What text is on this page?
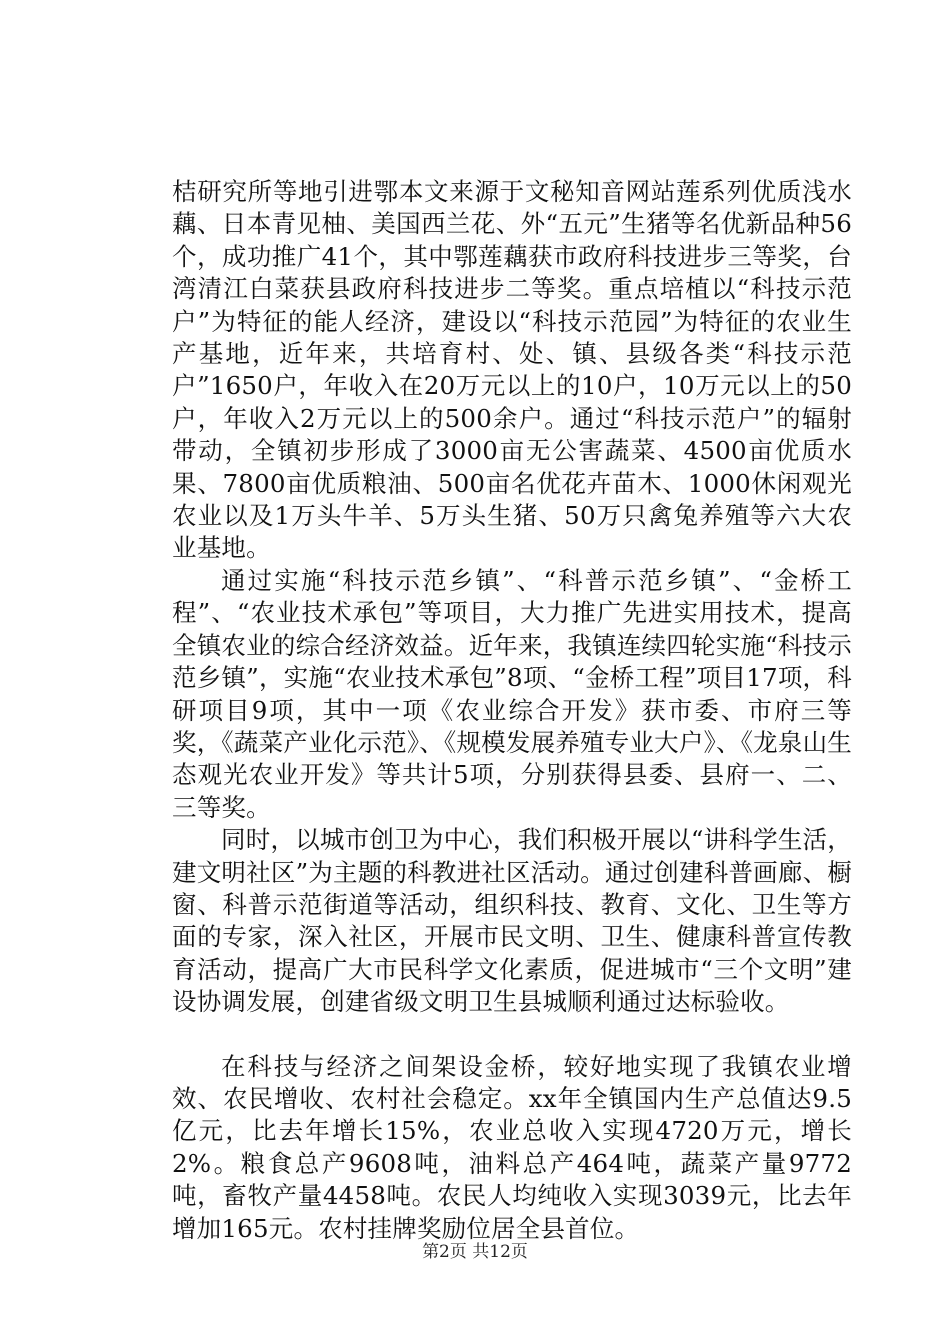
桔研究所等地引进鄂本文来源于文秘知音网站莲系列优质浅水藕、日本青见柚、美国西兰花、外“五元”生猪等名优新品种56个，成功推广41个，其中鄂莲藕获市政府科技进步三等奖，台湾清江白菜获县政府科技进步二等奖。重点培植以“科技示范户”为特征的能人经济，建设以“科技示范园”为特征的农业生产基地，近年来，共培育村、处、镇、县级各类“科技示范户”1650户，年收入在20万元以上的10户，10万元以上的50户，年收入2万元以上的500余户。通过“科技示范户”的辐射带动，全镇初步形成了3000亩无公害蔬菜、4500亩优质水果、7800亩优质粮油、500亩名优花卉苗木、1000休闲观光农业以及1万头牛羊、5万头生猪、50万只禽兔养殖等六大农业基地。

通过实施“科技示范乡镇”、“科普示范乡镇”、“金桥工程”、“农业技术承包”等项目，大力推广先进实用技术，提高全镇农业的综合经济效益。近年来，我镇连续四轮实施“科技示范乡镇”，实施“农业技术承包”8项、“金桥工程”项目17项，科研项目9项，其中一项《农业综合开发》获市委、市府三等奖，《蔬菜产业化示范》、《规模发展养殖专业大户》、《龙泉山生态观光农业开发》等共计5项，分别获得县委、县府一、二、三等奖。

同时，以城市创卫为中心，我们积极开展以“讲科学生活，建文明社区”为主题的科教进社区活动。通过创建科普画廊、橱窗、科普示范街道等活动，组织科技、教育、文化、卫生等方面的专家，深入社区，开展市民文明、卫生、健康科普宣传教育活动，提高广大市民科学文化素质，促进城市“三个文明”建设协调发展，创建省级文明卫生县城顺利通过达标验收。

在科技与经济之间架设金桥，较好地实现了我镇农业增效、农民增收、农村社会稳定。xx年全镇国内生产总值达9.5亿元，比去年增长15%，农业总收入实现4720万元，增长2%。粮食总产9608吨，油料总产464吨，蔬菜产量9772吨，畜牧产量4458吨。农民人均纯收入实现3039元，比去年增加165元。农村挂牌奖励位居全县首位。

第2页 共12页
